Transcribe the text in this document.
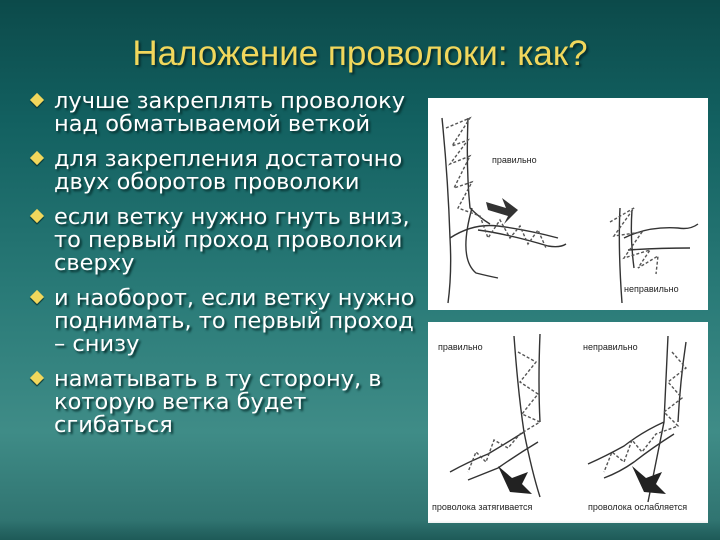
Наложение проволоки: как?
лучше закреплять проволоку над обматываемой веткой
для закрепления достаточно двух оборотов проволоки
если ветку нужно гнуть вниз, то первый проход проволоки сверху
и наоборот, если ветку нужно поднимать, то первый проход – снизу
наматывать в ту сторону, в которую ветка будет сгибаться
правильно
неправильно
правильно	неправильно
проволока затягивается	проволока ослабляется
